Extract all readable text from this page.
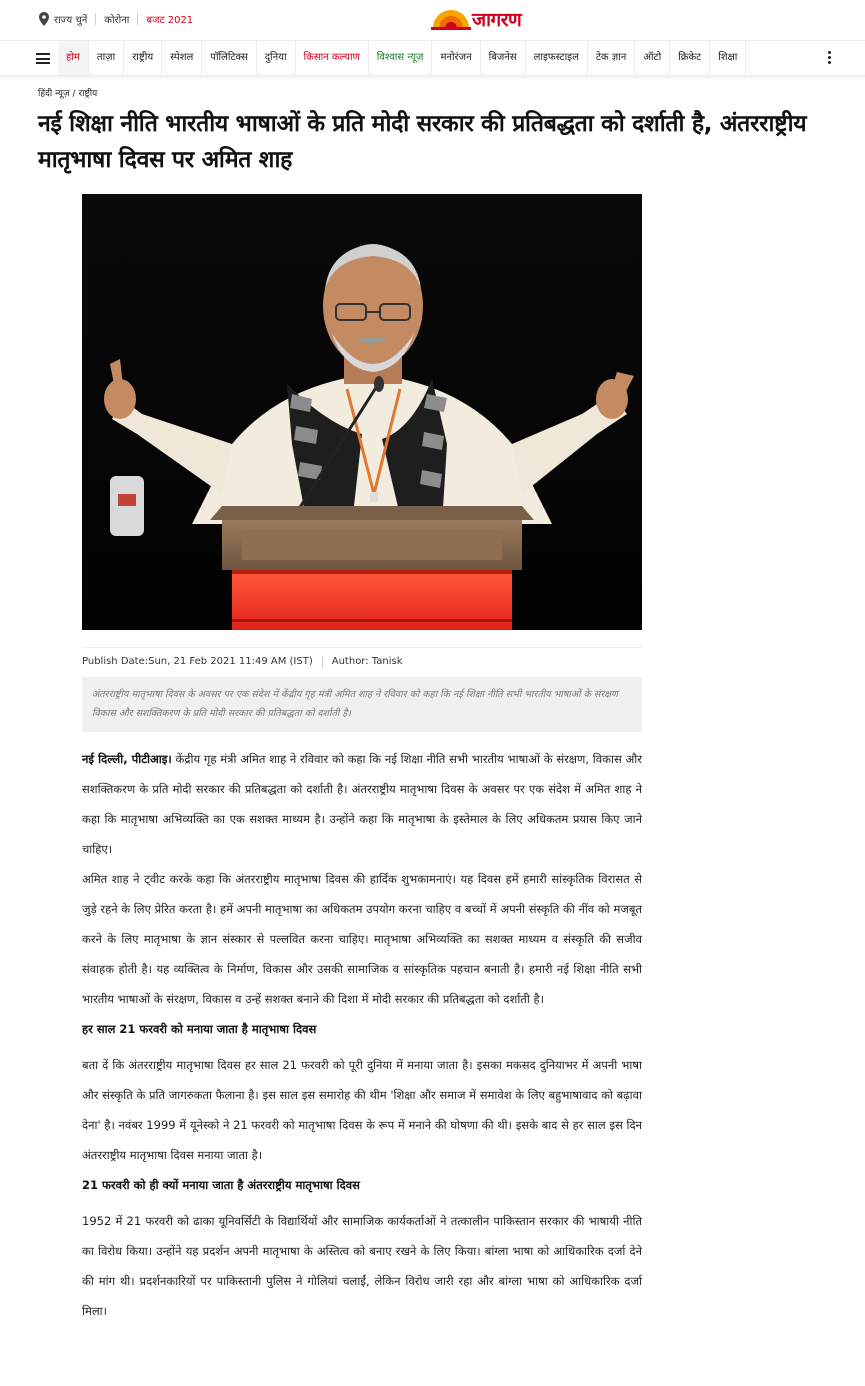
राज्य चुनें कोरोना बजट 2021	जागरण
होम	ताज़ा	राष्ट्रीय	स्पेशल	पॉलिटिक्स	दुनिया	किसान कल्याण	विश्वास न्यूज़	मनोरंजन	बिजनेस	लाइफस्टाइल	टेक ज्ञान	ऑटो	क्रिकेट	शिक्षा
हिंदी न्यूज़ / राष्ट्रीय
नई शिक्षा नीति भारतीय भाषाओं के प्रति मोदी सरकार की प्रतिबद्धता को दर्शाती है, अंतरराष्ट्रीय मातृभाषा दिवस पर अमित शाह
Publish Date:Sun, 21 Feb 2021 11:49 AM (IST) Author: Tanisk
अंतरराष्ट्रीय मातृभाषा दिवस के अवसर पर एक संदेश में केंद्रीय गृह मंत्री अमित शाह ने रविवार को कहा कि नई शिक्षा नीति सभी भारतीय भाषाओं के संरक्षण विकास और सशक्तिकरण के प्रति मोदी सरकार की प्रतिबद्धता को दर्शाती है।

नई दिल्ली, पीटीआइ। केंद्रीय गृह मंत्री अमित शाह ने रविवार को कहा कि नई शिक्षा नीति सभी भारतीय भाषाओं के संरक्षण, विकास और सशक्तिकरण के प्रति मोदी सरकार की प्रतिबद्धता को दर्शाती है। अंतरराष्ट्रीय मातृभाषा दिवस के अवसर पर एक संदेश में अमित शाह ने कहा कि मातृभाषा अभिव्यक्ति का एक सशक्त माध्यम है। उन्होंने कहा कि मातृभाषा के इस्तेमाल के लिए अधिकतम प्रयास किए जाने चाहिए।

अमित शाह ने ट्वीट करके कहा कि अंतरराष्ट्रीय मातृभाषा दिवस की हार्दिक शुभकामनाएं। यह दिवस हमें हमारी सांस्कृतिक विरासत से जुड़े रहने के लिए प्रेरित करता है। हमें अपनी मातृभाषा का अधिकतम उपयोग करना चाहिए व बच्चों में अपनी संस्कृति की नींव को मजबूत करने के लिए मातृभाषा के ज्ञान संस्कार से पल्लवित करना चाहिए। मातृभाषा अभिव्यक्ति का सशक्त माध्यम व संस्कृति की सजीव संवाहक होती है। यह व्यक्तित्व के निर्माण, विकास और उसकी सामाजिक व सांस्कृतिक पहचान बनाती है। हमारी नई शिक्षा नीति सभी भारतीय भाषाओं के संरक्षण, विकास व उन्हें सशक्त बनाने की दिशा में मोदी सरकार की प्रतिबद्धता को दर्शाती है।

हर साल 21 फरवरी को मनाया जाता है मातृभाषा दिवस

बता दें कि अंतरराष्ट्रीय मातृभाषा दिवस हर साल 21 फरवरी को पूरी दुनिया में मनाया जाता है। इसका मकसद दुनियाभर में अपनी भाषा और संस्कृति के प्रति जागरुकता फैलाना है। इस साल इस समारोह की थीम 'शिक्षा और समाज में समावेश के लिए बहुभाषावाद को बढ़ावा देना' है। नवंबर 1999 में यूनेस्को ने 21 फरवरी को मातृभाषा दिवस के रूप में मनाने की घोषणा की थी। इसके बाद से हर साल इस दिन अंतरराष्ट्रीय मातृभाषा दिवस मनाया जाता है।

21 फरवरी को ही क्यों मनाया जाता है अंतरराष्ट्रीय मातृभाषा दिवस

1952 में 21 फरवरी को ढाका यूनिवर्सिटी के विद्यार्थियों और सामाजिक कार्यकर्ताओं ने तत्कालीन पाकिस्तान सरकार की भाषायी नीति का विरोध किया। उन्होंने यह प्रदर्शन अपनी मातृभाषा के अस्तित्व को बनाए रखने के लिए किया। बांग्ला भाषा को आधिकारिक दर्जा देने की मांग थी। प्रदर्शनकारियों पर पाकिस्तानी पुलिस ने गोलियां चलाईं, लेकिन विरोध जारी रहा और बांग्ला भाषा को आधिकारिक दर्जा मिला।
